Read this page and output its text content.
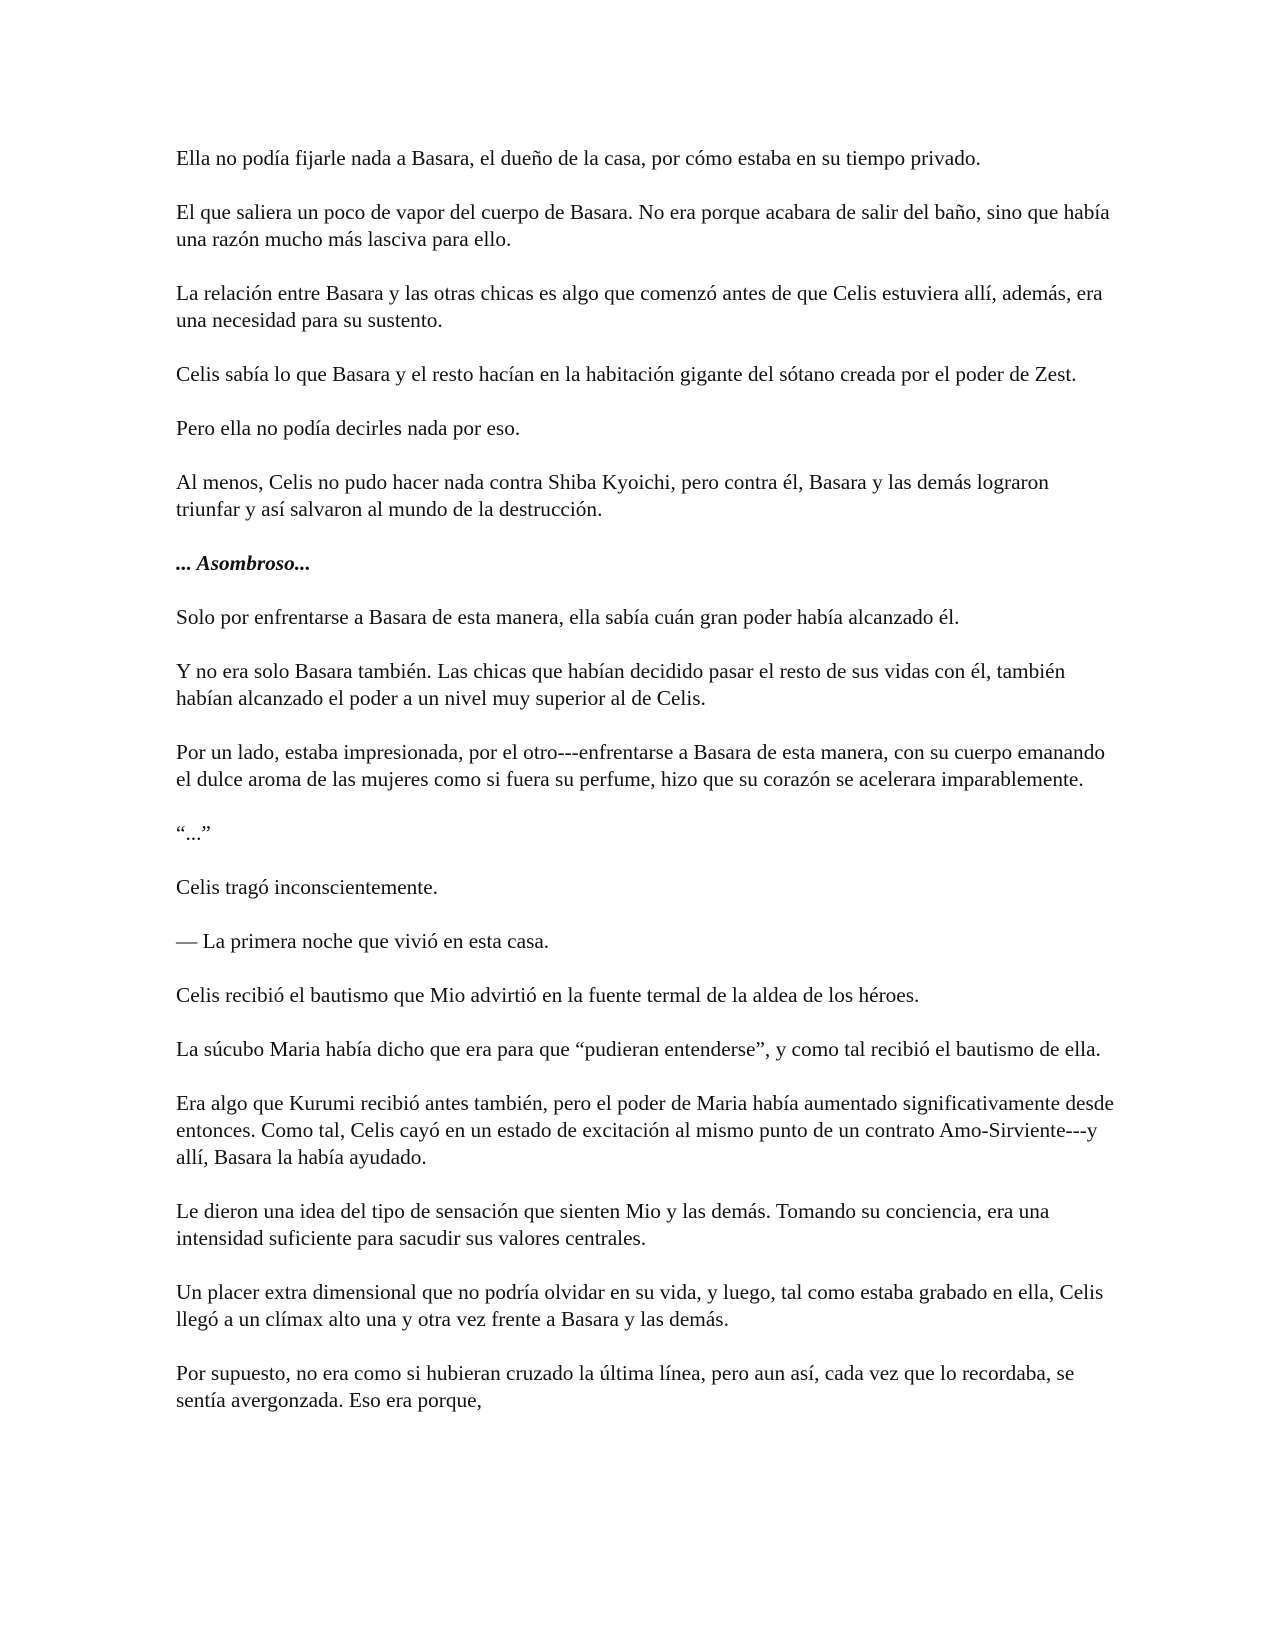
Ella no podía fijarle nada a Basara, el dueño de la casa, por cómo estaba en su tiempo privado.

El que saliera un poco de vapor del cuerpo de Basara. No era porque acabara de salir del baño, sino que había una razón mucho más lasciva para ello.

La relación entre Basara y las otras chicas es algo que comenzó antes de que Celis estuviera allí, además, era una necesidad para su sustento.

Celis sabía lo que Basara y el resto hacían en la habitación gigante del sótano creada por el poder de Zest.

Pero ella no podía decirles nada por eso.

Al menos, Celis no pudo hacer nada contra Shiba Kyoichi, pero contra él, Basara y las demás lograron triunfar y así salvaron al mundo de la destrucción.

... Asombroso...

Solo por enfrentarse a Basara de esta manera, ella sabía cuán gran poder había alcanzado él.

Y no era solo Basara también. Las chicas que habían decidido pasar el resto de sus vidas con él, también habían alcanzado el poder a un nivel muy superior al de Celis.

Por un lado, estaba impresionada, por el otro---enfrentarse a Basara de esta manera, con su cuerpo emanando el dulce aroma de las mujeres como si fuera su perfume, hizo que su corazón se acelerara imparablemente.

“...”

Celis tragó inconscientemente.

— La primera noche que vivió en esta casa.

Celis recibió el bautismo que Mio advirtió en la fuente termal de la aldea de los héroes.

La súcubo Maria había dicho que era para que “pudieran entenderse”, y como tal recibió el bautismo de ella.

Era algo que Kurumi recibió antes también, pero el poder de Maria había aumentado significativamente desde entonces. Como tal, Celis cayó en un estado de excitación al mismo punto de un contrato Amo-Sirviente---y allí, Basara la había ayudado.

Le dieron una idea del tipo de sensación que sienten Mio y las demás. Tomando su conciencia, era una intensidad suficiente para sacudir sus valores centrales.

Un placer extra dimensional que no podría olvidar en su vida, y luego, tal como estaba grabado en ella, Celis llegó a un clímax alto una y otra vez frente a Basara y las demás.

Por supuesto, no era como si hubieran cruzado la última línea, pero aun así, cada vez que lo recordaba, se sentía avergonzada. Eso era porque,
